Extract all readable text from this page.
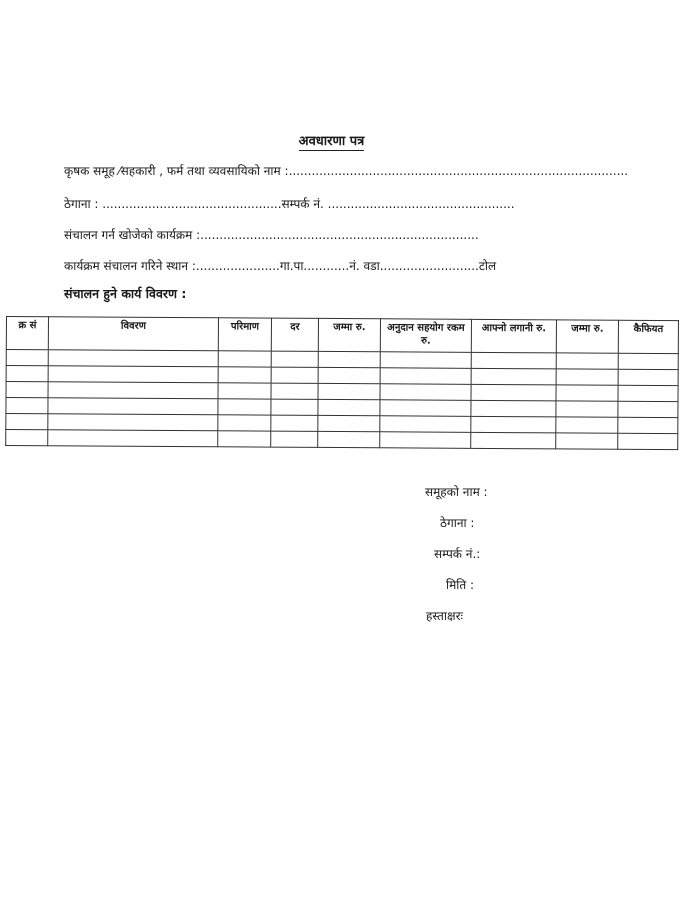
अवधारणा पत्र
कृषक समूह ⁄सहकारी , फर्म तथा व्यवसायिको नाम :.........................................................................................
ठेगाना : ...............................................सम्पर्क नं. .................................................
संचालन गर्न खोजेको कार्यक्रम :.........................................................................
कार्यक्रम संचालन गरिने स्थान :......................गा.पा............नं. वडा..........................टोल
संचालन हुने कार्य विवरण :
क्र सं	विवरण	परिमाण	दर	जम्मा रु.	अनुदान सहयोग रकम रु.	आफ्नो लगानी रु.	जम्मा रु.	कैफियत

समूहको नाम :
ठेगाना :
सम्पर्क नं.:
मिति :
हस्ताक्षरः
